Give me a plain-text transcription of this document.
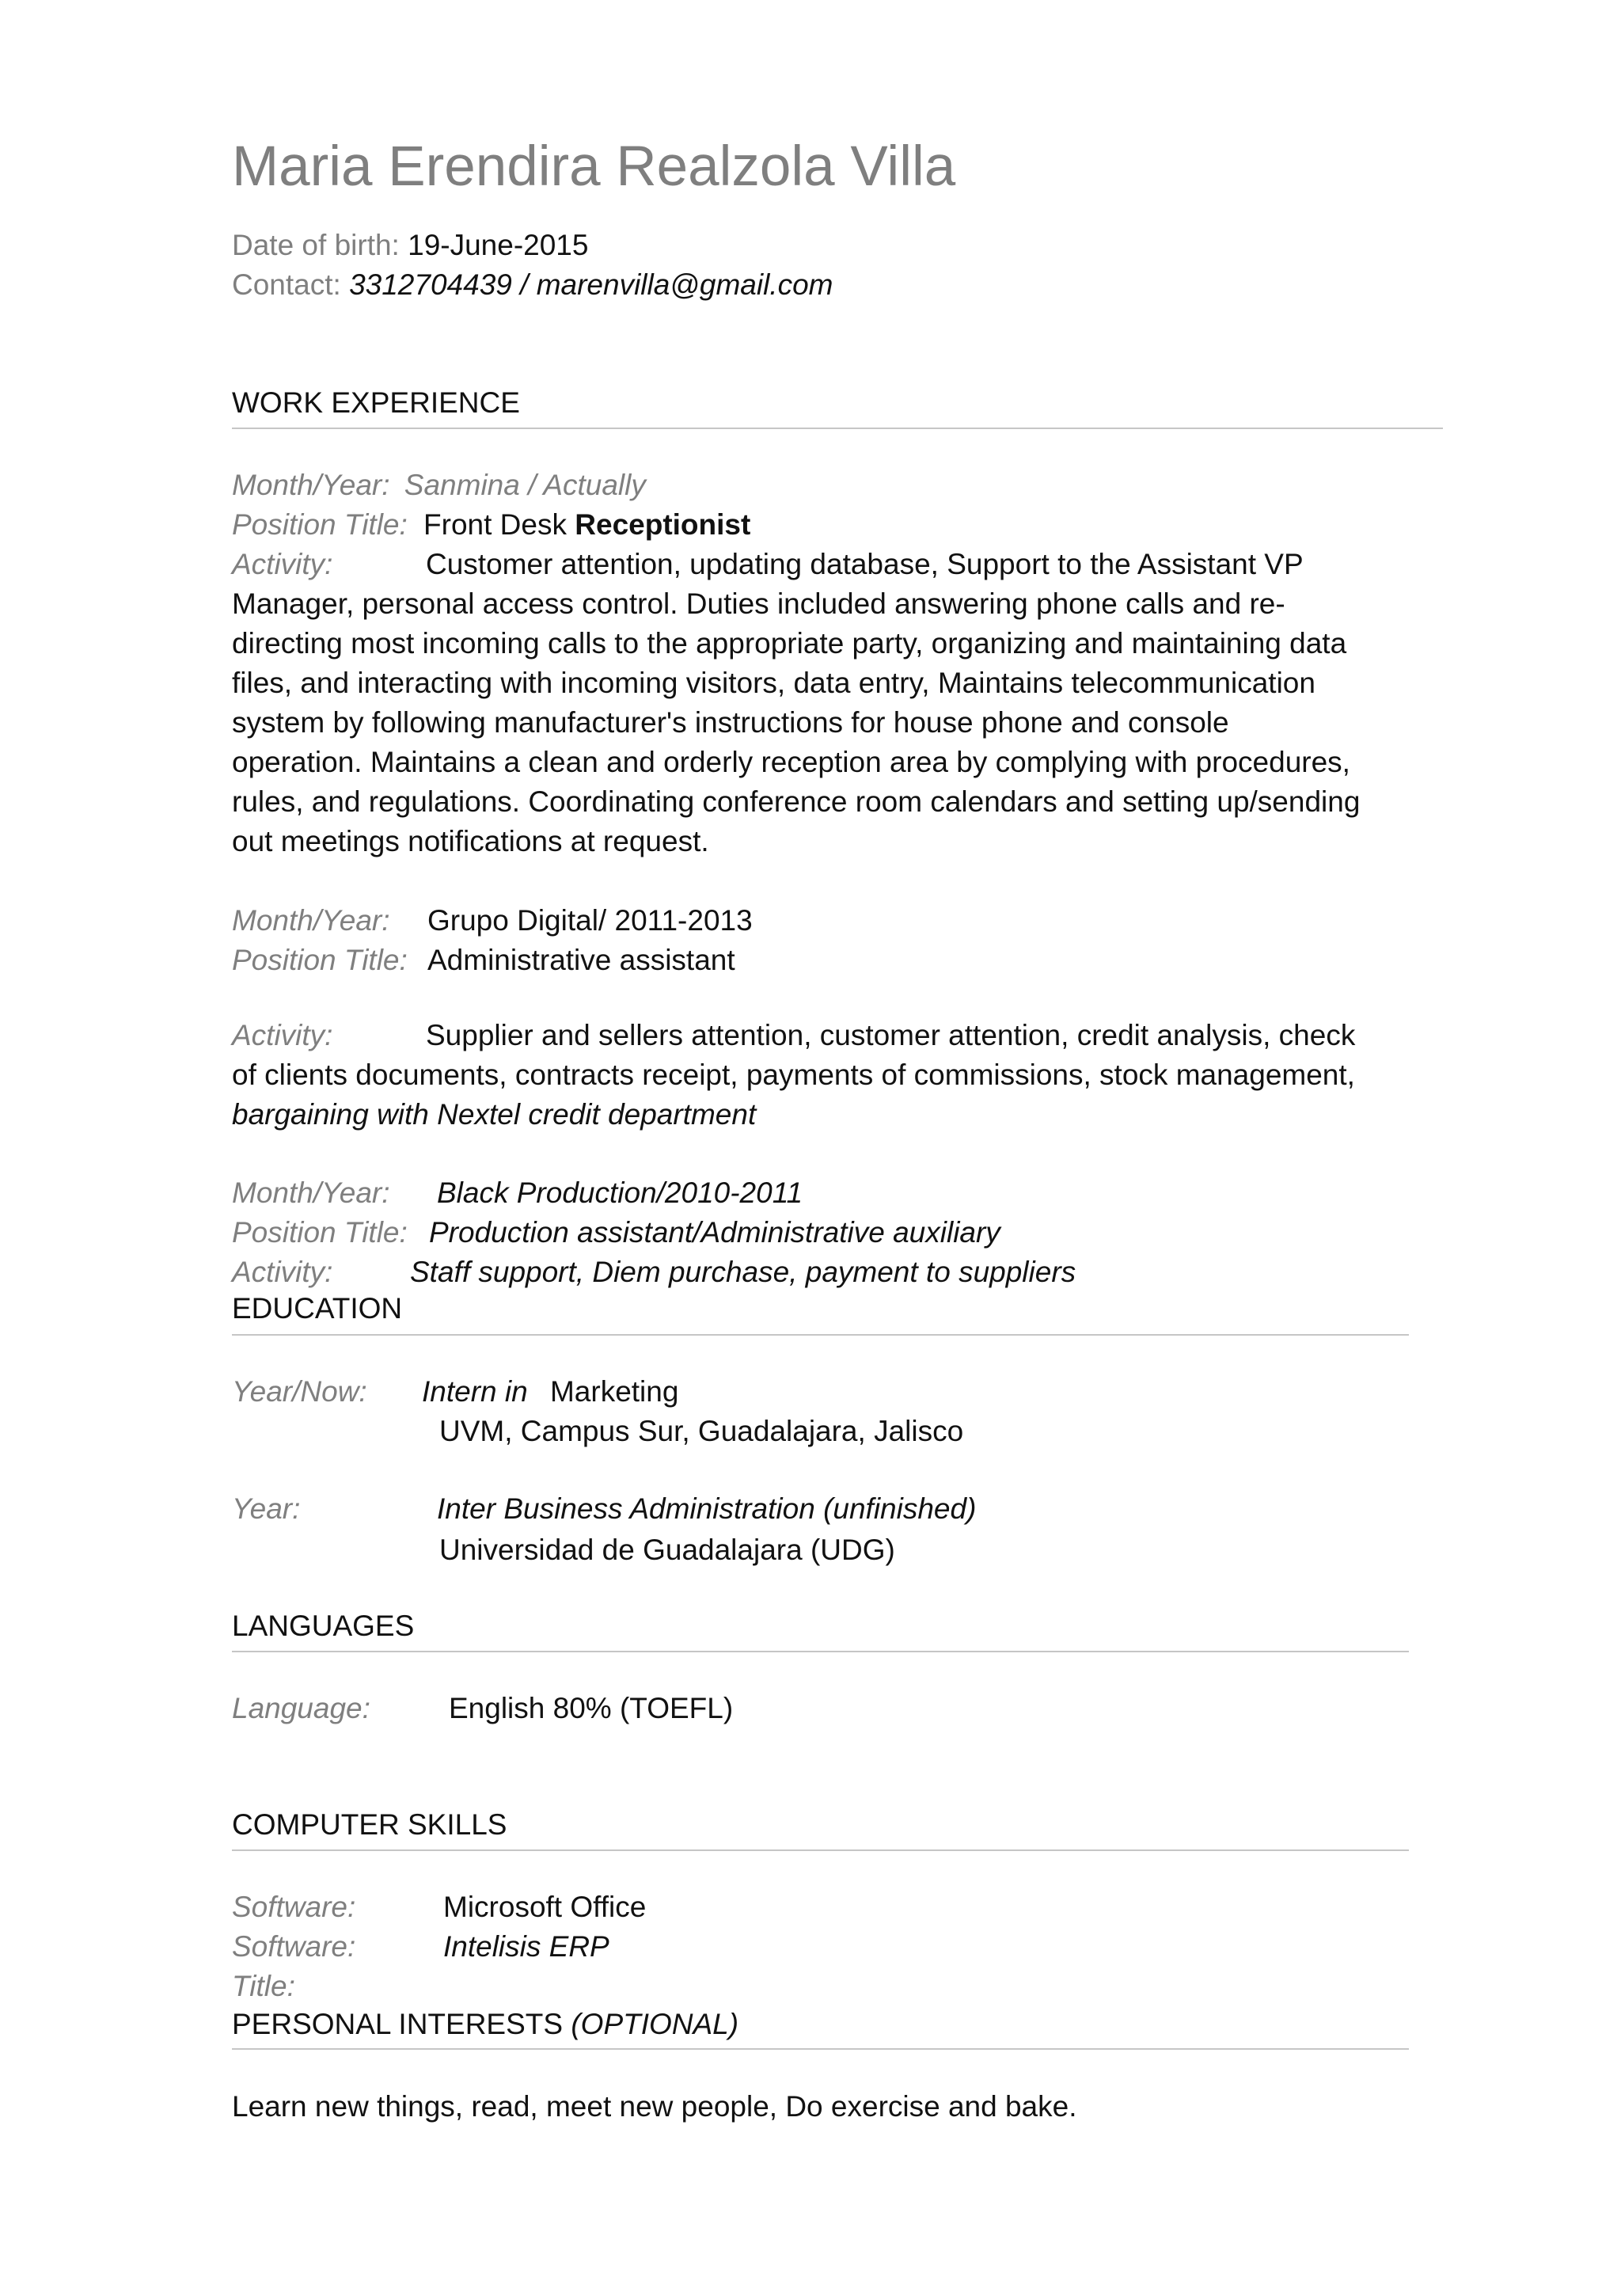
Maria Erendira Realzola Villa
Date of birth: 19-June-2015
Contact: 3312704439 / marenvilla@gmail.com
WORK EXPERIENCE
Month/Year: Sanmina / Actually
Position Title: Front Desk Receptionist
Activity:	Customer attention, updating database, Support to the Assistant VP
Manager, personal access control. Duties included answering phone calls and re-
directing most incoming calls to the appropriate party, organizing and maintaining data
files, and interacting with incoming visitors, data entry, Maintains telecommunication
system by following manufacturer's instructions for house phone and console
operation. Maintains a clean and orderly reception area by complying with procedures,
rules, and regulations. Coordinating conference room calendars and setting up/sending
out meetings notifications at request.
Month/Year: Grupo Digital/ 2011-2013
Position Title: Administrative assistant
Activity:	Supplier and sellers attention, customer attention, credit analysis, check
of clients documents, contracts receipt, payments of commissions, stock management,
bargaining with Nextel credit department
Month/Year: Black Production/2010-2011
Position Title: Production assistant/Administrative auxiliary
Activity:	Staff support, Diem purchase, payment to suppliers
EDUCATION
Year/Now: Intern in Marketing
UVM, Campus Sur, Guadalajara, Jalisco
Year:	Inter Business Administration (unfinished)
Universidad de Guadalajara (UDG)
LANGUAGES
Language:	English 80% (TOEFL)
COMPUTER SKILLS
Software:	Microsoft Office
Software:	Intelisis ERP
Title:
PERSONAL INTERESTS (OPTIONAL)
Learn new things, read, meet new people, Do exercise and bake.
